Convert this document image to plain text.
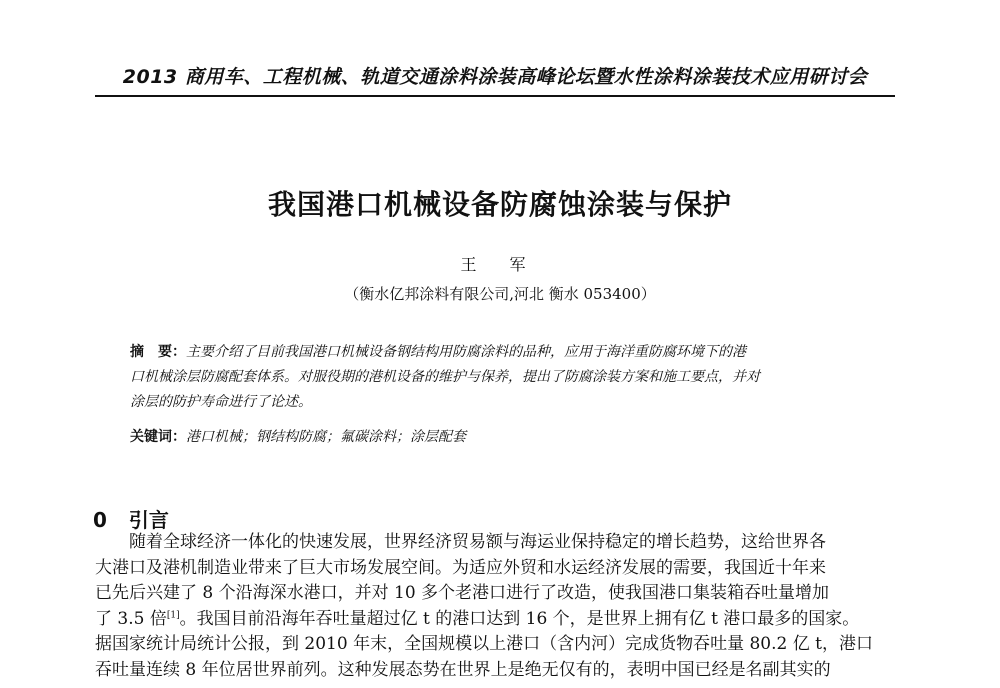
2013 商用车、工程机械、轨道交通涂料涂装高峰论坛暨水性涂料涂装技术应用研讨会
我国港口机械设备防腐蚀涂装与保护
王 军
（衡水亿邦涂料有限公司,河北 衡水 053400）
摘　要：主要介绍了目前我国港口机械设备钢结构用防腐涂料的品种，应用于海洋重防腐环境下的港
口机械涂层防腐配套体系。对服役期的港机设备的维护与保养，提出了防腐涂装方案和施工要点，并对
涂层的防护寿命进行了论述。
关键词：港口机械；钢结构防腐；氟碳涂料；涂层配套
0 引言
随着全球经济一体化的快速发展，世界经济贸易额与海运业保持稳定的增长趋势，这给世界各
大港口及港机制造业带来了巨大市场发展空间。为适应外贸和水运经济发展的需要，我国近十年来
已先后兴建了 8 个沿海深水港口，并对 10 多个老港口进行了改造，使我国港口集装箱吞吐量增加
了 3.5 倍[1]。我国目前沿海年吞吐量超过亿 t 的港口达到 16 个，是世界上拥有亿 t 港口最多的国家。
据国家统计局统计公报，到 2010 年末，全国规模以上港口（含内河）完成货物吞吐量 80.2 亿 t，港口
吞吐量连续 8 年位居世界前列。这种发展态势在世界上是绝无仅有的，表明中国已经是名副其实的
